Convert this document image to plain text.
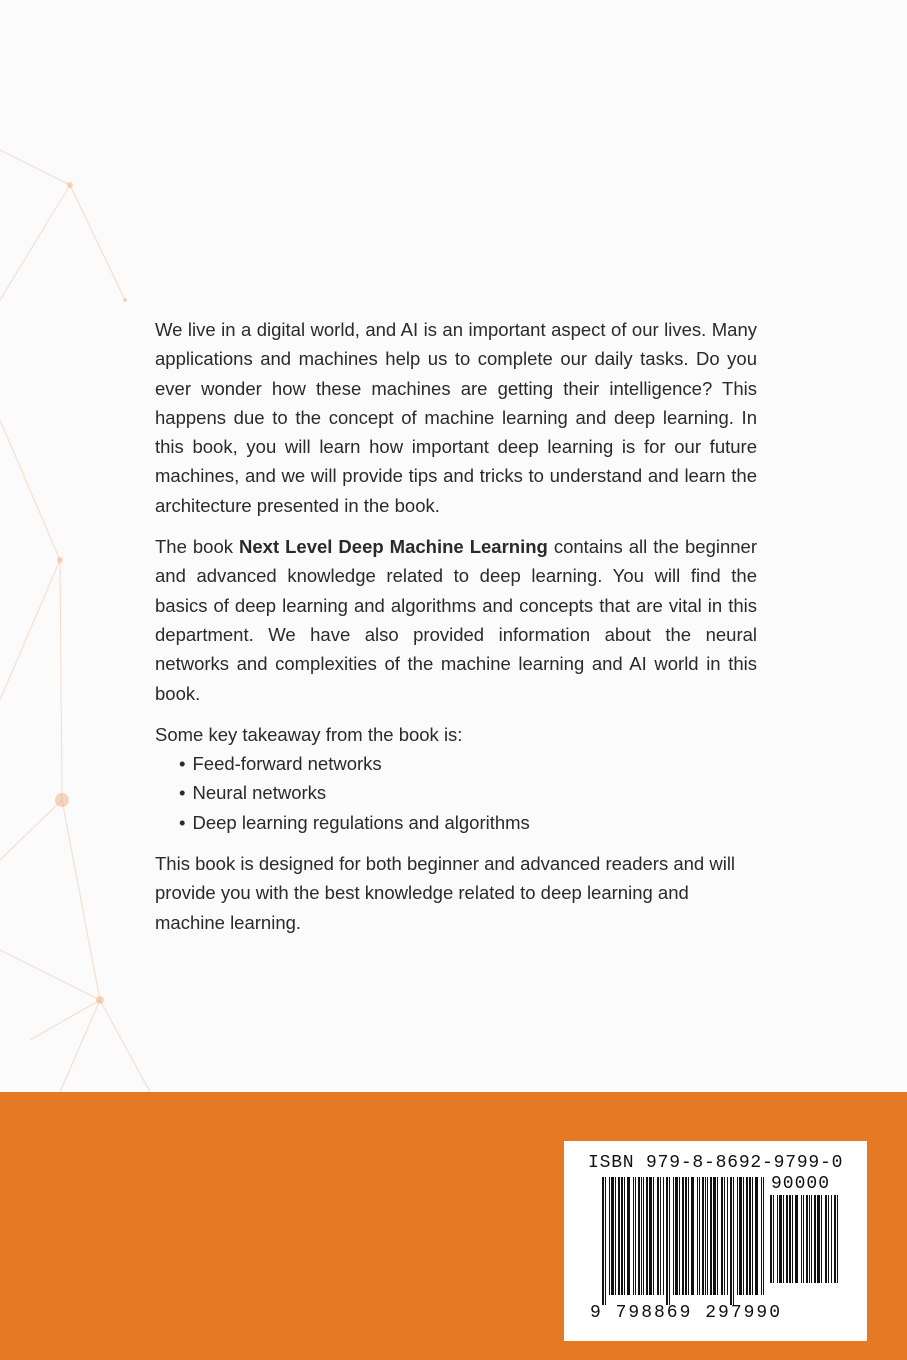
We live in a digital world, and AI is an important aspect of our lives. Many applications and machines help us to complete our daily tasks. Do you ever wonder how these machines are getting their intelligence? This happens due to the concept of machine learning and deep learning. In this book, you will learn how important deep learning is for our future machines, and we will provide tips and tricks to understand and learn the architecture presented in the book.

The book Next Level Deep Machine Learning contains all the beginner and advanced knowledge related to deep learning. You will find the basics of deep learning and algorithms and concepts that are vital in this department. We have also provided information about the neural networks and complexities of the machine learning and AI world in this book.

Some key takeaway from the book is:
• Feed-forward networks
• Neural networks
• Deep learning regulations and algorithms

This book is designed for both beginner and advanced readers and will provide you with the best knowledge related to deep learning and machine learning.

ISBN 979-8-8692-9799-0
90000
9 798869 297990
